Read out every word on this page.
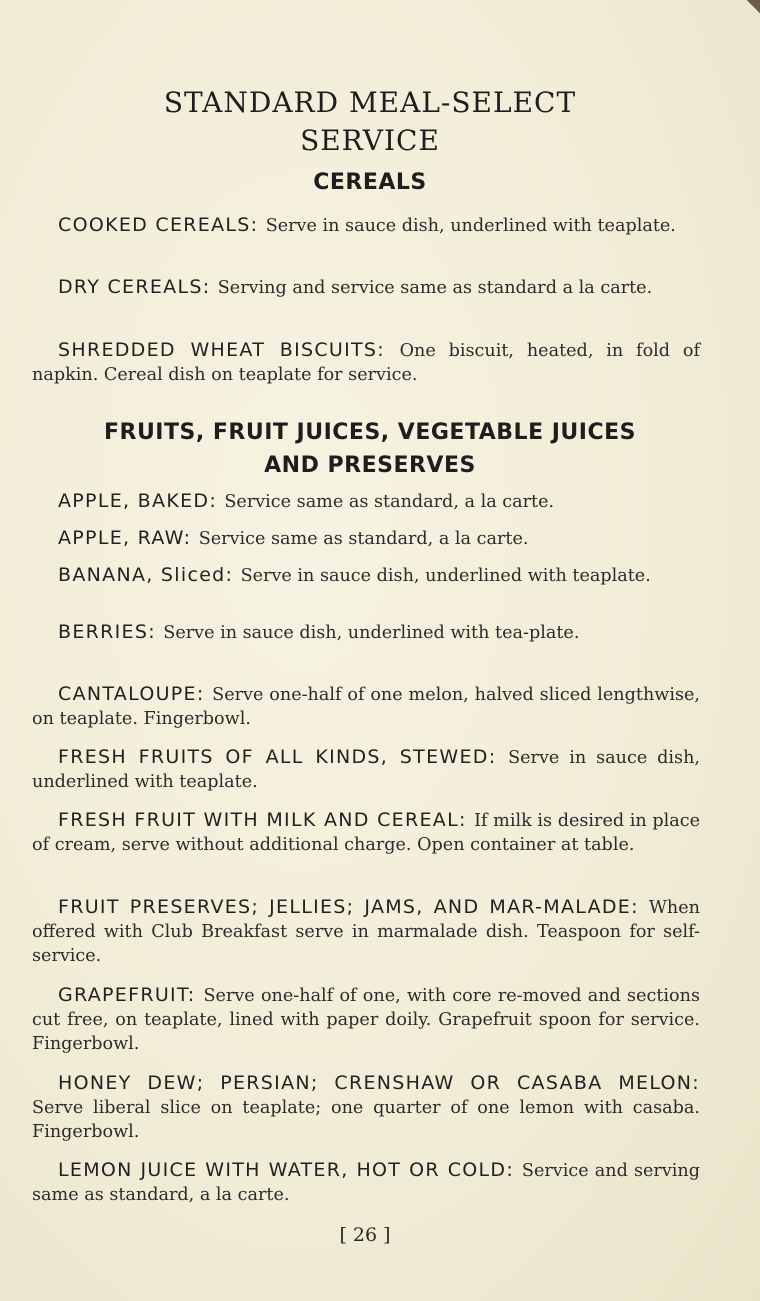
STANDARD MEAL-SELECT
SERVICE
CEREALS

COOKED CEREALS: Serve in sauce dish, underlined with teaplate.

DRY CEREALS: Serving and service same as standard a la carte.

SHREDDED WHEAT BISCUITS: One biscuit, heated, in fold of napkin. Cereal dish on teaplate for service.

FRUITS, FRUIT JUICES, VEGETABLE JUICES
AND PRESERVES

APPLE, BAKED: Service same as standard, a la carte.

APPLE, RAW: Service same as standard, a la carte.

BANANA, Sliced: Serve in sauce dish, underlined with teaplate.

BERRIES: Serve in sauce dish, underlined with tea-plate.

CANTALOUPE: Serve one-half of one melon, halved sliced lengthwise, on teaplate. Fingerbowl.

FRESH FRUITS OF ALL KINDS, STEWED: Serve in sauce dish, underlined with teaplate.

FRESH FRUIT WITH MILK AND CEREAL: If milk is desired in place of cream, serve without additional charge. Open container at table.

FRUIT PRESERVES; JELLIES; JAMS, AND MAR-MALADE: When offered with Club Breakfast serve in marmalade dish. Teaspoon for self-service.

GRAPEFRUIT: Serve one-half of one, with core re-moved and sections cut free, on teaplate, lined with paper doily. Grapefruit spoon for service. Fingerbowl.

HONEY DEW; PERSIAN; CRENSHAW OR CASABA MELON: Serve liberal slice on teaplate; one quarter of one lemon with casaba. Fingerbowl.

LEMON JUICE WITH WATER, HOT OR COLD: Service and serving same as standard, a la carte.

[ 26 ]
